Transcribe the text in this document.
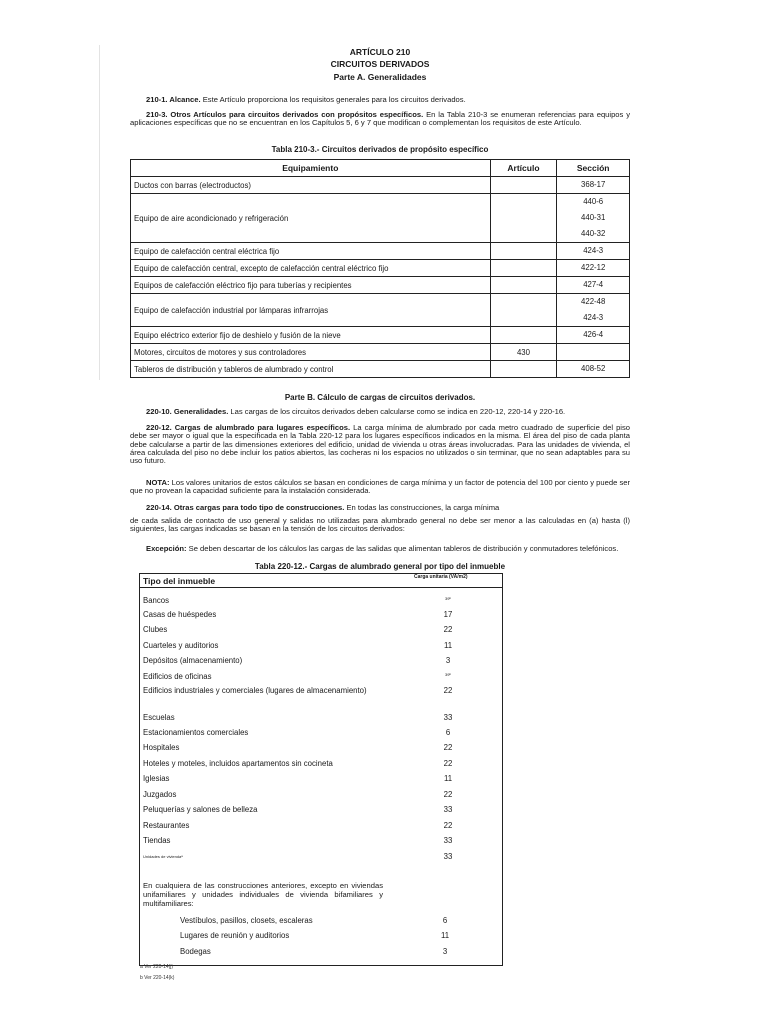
ARTÍCULO 210
CIRCUITOS DERIVADOS
Parte A. Generalidades
210-1. Alcance. Este Artículo proporciona los requisitos generales para los circuitos derivados.
210-3. Otros Artículos para circuitos derivados con propósitos específicos. En la Tabla 210-3 se enumeran referencias para equipos y aplicaciones específicas que no se encuentran en los Capítulos 5, 6 y 7 que modifican o complementan los requisitos de este Artículo.
Tabla 210-3.- Circuitos derivados de propósito específico
Equipamiento	Artículo	Sección
Ductos con barras (electroductos)		368-17

Equipo de aire acondicionado y refrigeración		440-6
440-31
440-32

Equipo de calefacción central eléctrica fijo		424-3

Equipo de calefacción central, excepto de calefacción central eléctrico fijo		422-12

Equipos de calefacción eléctrico fijo para tuberías y recipientes		427-4

Equipo de calefacción industrial por lámparas infrarrojas		422-48
424-3

Equipo eléctrico exterior fijo de deshielo y fusión de la nieve		426-4

Motores, circuitos de motores y sus controladores	430	

Tableros de distribución y tableros de alumbrado y control		408-52
Parte B. Cálculo de cargas de circuitos derivados.
220-10. Generalidades. Las cargas de los circuitos derivados deben calcularse como se indica en 220-12, 220-14 y 220-16.
220-12. Cargas de alumbrado para lugares específicos. La carga mínima de alumbrado por cada metro cuadrado de superficie del piso debe ser mayor o igual que la especificada en la Tabla 220-12 para los lugares específicos indicados en la misma. El área del piso de cada planta debe calcularse a partir de las dimensiones exteriores del edificio, unidad de vivienda u otras áreas involucradas. Para las unidades de vivienda, el área calculada del piso no debe incluir los patios abiertos, las cocheras ni los espacios no utilizados o sin terminar, que no sean adaptables para su uso futuro.
NOTA: Los valores unitarios de estos cálculos se basan en condiciones de carga mínima y un factor de potencia del 100 por ciento y puede ser que no provean la capacidad suficiente para la instalación considerada.
220-14. Otras cargas para todo tipo de construcciones. En todas las construcciones, la carga mínima
de cada salida de contacto de uso general y salidas no utilizadas para alumbrado general no debe ser menor a las calculadas en (a) hasta (l) siguientes, las cargas indicadas se basan en la tensión de los circuitos derivados:
Excepción: Se deben descartar de los cálculos las cargas de las salidas que alimentan tableros de distribución y conmutadores telefónicos.
Tabla 220-12.- Cargas de alumbrado general por tipo del inmueble
Tipo del inmueble	Carga unitaria (VA/m2)
Bancos	39ᵇ
Casas de huéspedes	17
Clubes	22
Cuarteles y auditorios	11
Depósitos (almacenamiento)	3
Edificios de oficinas	39ᵇ
Edificios industriales y comerciales (lugares de almacenamiento)	22
Escuelas	33
Estacionamientos comerciales	6
Hospitales	22
Hoteles y moteles, incluidos apartamentos sin cocineta	22
Iglesias	11
Juzgados	22
Peluquerías y salones de belleza	33
Restaurantes	22
Tiendas	33
Unidades de viviendaᵃ	33
En cualquiera de las construcciones anteriores, excepto en viviendas unifamiliares y unidades individuales de vivienda bifamiliares y multifamiliares:
Vestíbulos, pasillos, closets, escaleras	6
Lugares de reunión y auditorios	11
Bodegas	3
a Ver 220-14(j)
b Ver 220-14(k)
